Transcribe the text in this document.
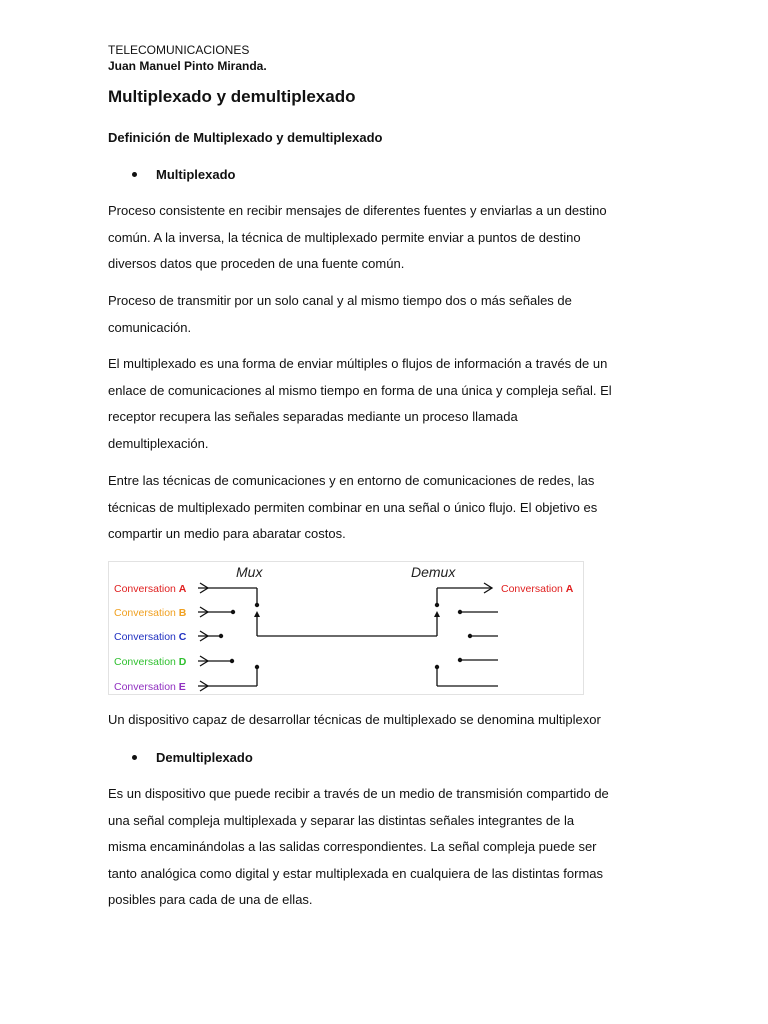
TELECOMUNICACIONES
Juan Manuel Pinto Miranda.
Multiplexado y demultiplexado
Definición de Multiplexado y demultiplexado
Multiplexado
Proceso consistente en recibir mensajes de diferentes fuentes y enviarlas a un destino
común. A la inversa, la técnica de multiplexado permite enviar a puntos de destino
diversos datos que proceden de una fuente común.
Proceso de transmitir por un solo canal y al mismo tiempo dos o más señales de
comunicación.
El multiplexado es una forma de enviar múltiples o flujos de información a través de un
enlace de comunicaciones al mismo tiempo en forma de una única y compleja señal. El
receptor recupera las señales separadas mediante un proceso llamada
demultiplexación.
Entre las técnicas de comunicaciones y en entorno de comunicaciones de redes, las
técnicas de multiplexado permiten combinar en una señal o único flujo. El objetivo es
compartir un medio para abaratar costos.
Mux	Demux
Conversation A
Conversation B
Conversation C
Conversation D
Conversation E
Conversation A
Un dispositivo capaz de desarrollar técnicas de multiplexado se denomina multiplexor
Demultiplexado
Es un dispositivo que puede recibir a través de un medio de transmisión compartido de
una señal compleja multiplexada y separar las distintas señales integrantes de la
misma encaminándolas a las salidas correspondientes. La señal compleja puede ser
tanto analógica como digital y estar multiplexada en cualquiera de las distintas formas
posibles para cada de una de ellas.
